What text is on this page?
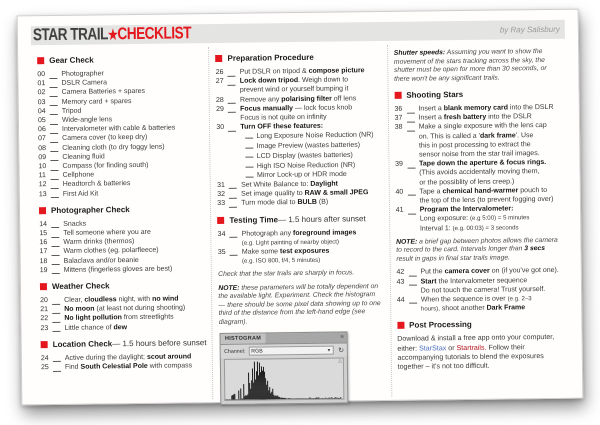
STAR TRAIL★CHECKLIST	by Ray Salisbury
Gear Check
00	Photographer
01	DSLR Camera
02	Camera Batteries + spares
03	Memory card + spares
04	Tripod
05	Wide-angle lens
06	Intervalometer with cable & batteries
07	Camera cover (to keep dry)
08	Cleaning cloth (to dry foggy lens)
09	Cleaning fluid
10	Compass (for finding south)
11	Cellphone
12	Headtorch & batteries
13	First Aid Kit
Photographer Check
14	Snacks
15	Tell someone where you are
16	Warm drinks (thermos)
17	Warm clothes (eg. polarfleece)
18	Balaclava and/or beanie
19	Mittens (fingerless gloves are best)
Weather Check
20	Clear, cloudless night, with no wind
21	No moon (at least not during shooting)
22	No light pollution from streetlights
23	Little chance of dew
Location Check — 1.5 hours before sunset
24	Active during the daylight; scout around
25	Find South Celestial Pole with compass
Preparation Procedure
26	Put DSLR on tripod & compose picture
27	Lock down tripod. Weigh down to
prevent wind or yourself bumping it
28	Remove any polarising filter off lens
29	Focus manually — lock focus knob
Focus is not quite on infinity
30	Turn OFF these features:
Long Exposure Noise Reduction (NR)
Image Preview (wastes batteries)
LCD Display (wastes batteries)
High ISO Noise Reduction (NR)
Mirror Lock-up or HDR mode
31	Set White Balance to: Daylight
32	Set image quality to RAW & small JPEG
33	Turn mode dial to BULB (B)
Testing Time — 1.5 hours after sunset
34	Photograph any foreground images
(e.g. Light painting of nearby object)
35	Make some test exposures
(e.g. ISO 800, f/4, 5 minutes)
Check that the star trails are sharply in focus.
NOTE: these parameters will be totally dependent on the available light. Experiment. Check the histogram — there should be some pixel data showing up to one third of the distance from the left-hand edge (see diagram).
HISTOGRAM	≡
Channel: RGB	▼ ↻
⚠
Shutter speeds: Assuming you want to show the movement of the stars tracking across the sky, the shutter must be open for more than 30 seconds, or there won't be any significant trails.
Shooting Stars
36	Insert a blank memory card into the DSLR
37	Insert a fresh battery into the DSLR
38	Make a single exposure with the lens cap
on. This is called a 'dark frame'. Use
this in post processing to extract the
sensor noise from the star trail images.
39	Tape down the aperture & focus rings.
(This avoids accidentally moving them,
or the possiblity of lens creep.)
40	Tape a chemical hand-warmer pouch to
the top of the lens (to prevent fogging over)
41	Program the Intervalometer:
Long exposure: (e.g 5:00) = 5 minutes
Interval 1: (e.g. 00:03) = 3 seconds
NOTE: a brief gap between photos allows the camera to record to the card. Intervals longer than 3 secs result in gaps in final star trails image.
42	Put the camera cover on (if you've got one).
43	Start the Intervalometer sequence
Do not touch the camera! Trust yourself.
44	When the sequence is over (e.g. 2–3
hours), shoot another Dark Frame
Post Processing
Download & install a free app onto your computer, either: StarStax or Startrails. Follow their accompanying tutorials to blend the exposures together – it's not too difficult.
